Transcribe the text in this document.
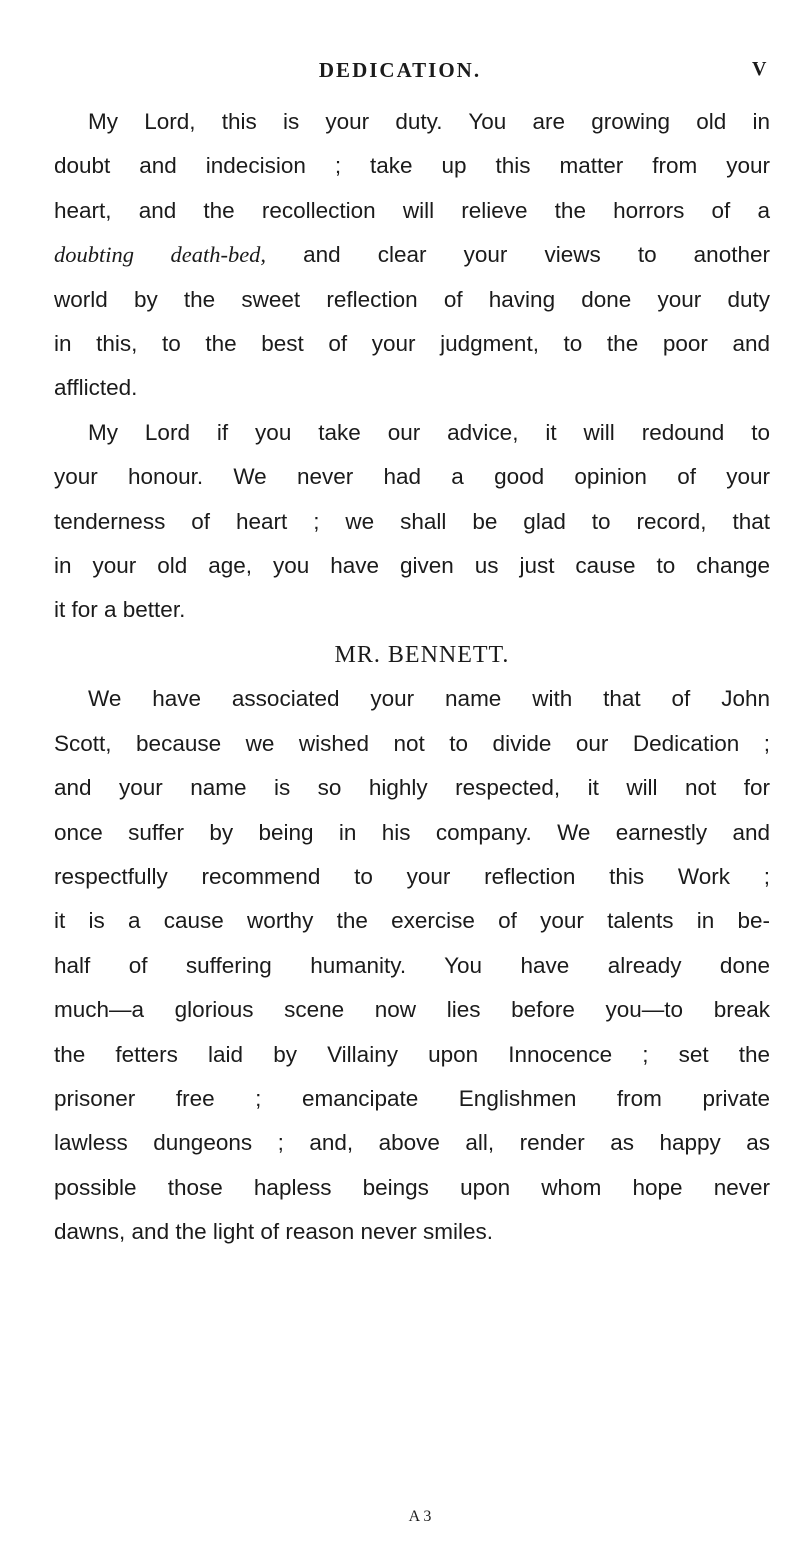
DEDICATION.	V
My Lord, this is your duty. You are growing old in
doubt and indecision ; take up this matter from your
heart, and the recollection will relieve the horrors of a
doubting death-bed, and clear your views to another
world by the sweet reflection of having done your duty
in this, to the best of your judgment, to the poor and
afflicted.
My Lord if you take our advice, it will redound to
your honour. We never had a good opinion of your
tenderness of heart ; we shall be glad to record, that
in your old age, you have given us just cause to change
it for a better.
MR. BENNETT.
We have associated your name with that of John
Scott, because we wished not to divide our Dedication ;
and your name is so highly respected, it will not for
once suffer by being in his company. We earnestly and
respectfully recommend to your reflection this Work ;
it is a cause worthy the exercise of your talents in be-
half of suffering humanity. You have already done
much—a glorious scene now lies before you—to break
the fetters laid by Villainy upon Innocence ; set the
prisoner free ; emancipate Englishmen from private
lawless dungeons ; and, above all, render as happy as
possible those hapless beings upon whom hope never
dawns, and the light of reason never smiles.
A 3
